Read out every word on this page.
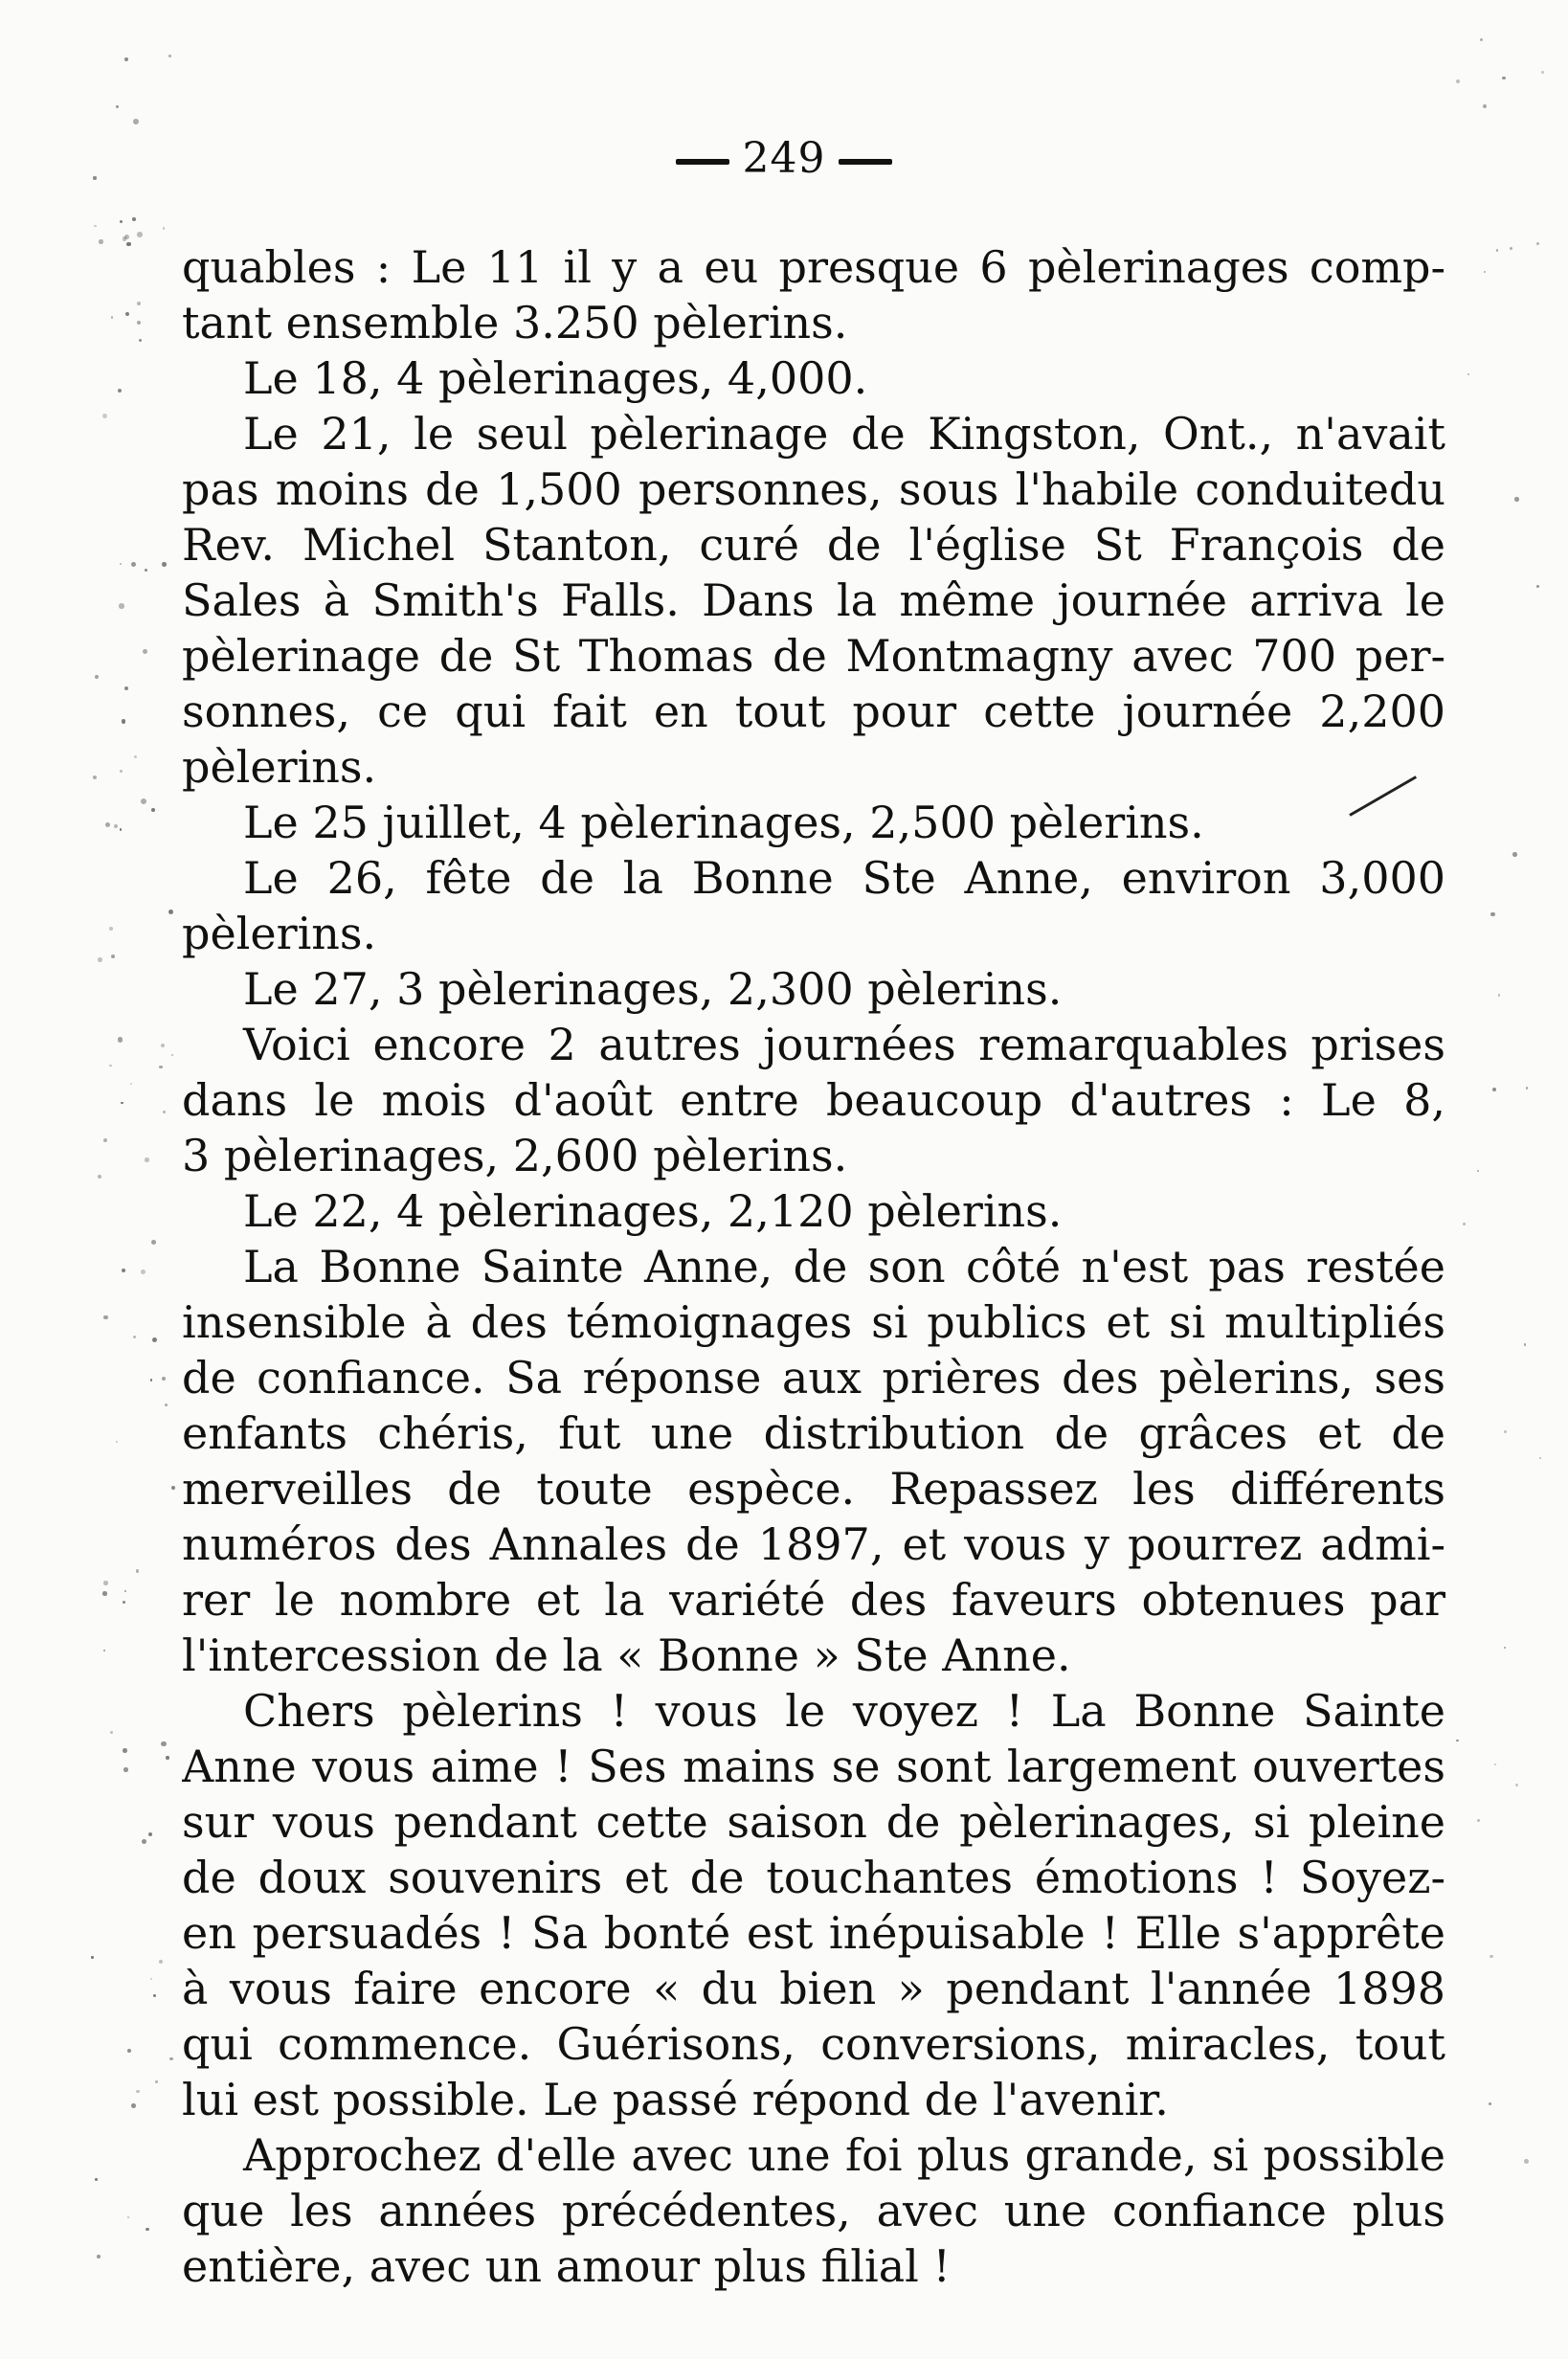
249
quables : Le 11 il y a eu presque 6 pèlerinages comp-
tant ensemble 3.250 pèlerins.
Le 18, 4 pèlerinages, 4,000.
Le 21, le seul pèlerinage de Kingston, Ont., n'avait
pas moins de 1,500 personnes, sous l'habile conduitedu
Rev. Michel Stanton, curé de l'église St François de
Sales à Smith's Falls. Dans la même journée arriva le
pèlerinage de St Thomas de Montmagny avec 700 per-
sonnes, ce qui fait en tout pour cette journée 2,200
pèlerins.
Le 25 juillet, 4 pèlerinages, 2,500 pèlerins.
Le 26, fête de la Bonne Ste Anne, environ 3,000
pèlerins.
Le 27, 3 pèlerinages, 2,300 pèlerins.
Voici encore 2 autres journées remarquables prises
dans le mois d'août entre beaucoup d'autres : Le 8,
3 pèlerinages, 2,600 pèlerins.
Le 22, 4 pèlerinages, 2,120 pèlerins.
La Bonne Sainte Anne, de son côté n'est pas restée
insensible à des témoignages si publics et si multipliés
de confiance. Sa réponse aux prières des pèlerins, ses
enfants chéris, fut une distribution de grâces et de
merveilles de toute espèce. Repassez les différents
numéros des Annales de 1897, et vous y pourrez admi-
rer le nombre et la variété des faveurs obtenues par
l'intercession de la « Bonne » Ste Anne.
Chers pèlerins ! vous le voyez ! La Bonne Sainte
Anne vous aime ! Ses mains se sont largement ouvertes
sur vous pendant cette saison de pèlerinages, si pleine
de doux souvenirs et de touchantes émotions ! Soyez-
en persuadés ! Sa bonté est inépuisable ! Elle s'apprête
à vous faire encore « du bien » pendant l'année 1898
qui commence. Guérisons, conversions, miracles, tout
lui est possible. Le passé répond de l'avenir.
Approchez d'elle avec une foi plus grande, si possible
que les années précédentes, avec une confiance plus
entière, avec un amour plus filial !
